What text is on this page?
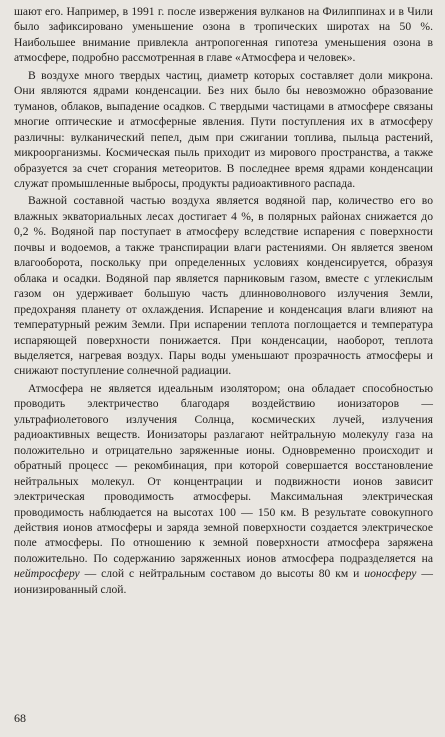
шают его. Например, в 1991 г. после извержения вулканов на Филиппинах и в Чили было зафиксировано уменьшение озона в тропических широтах на 50 %. Наибольшее внимание привлекла антропогенная гипотеза уменьшения озона в атмосфере, подробно рассмотренная в главе «Атмосфера и человек».

В воздухе много твердых частиц, диаметр которых составляет доли микрона. Они являются ядрами конденсации. Без них было бы невозможно образование туманов, облаков, выпадение осадков. С твердыми частицами в атмосфере связаны многие оптические и атмосферные явления. Пути поступления их в атмосферу различны: вулканический пепел, дым при сжигании топлива, пыльца растений, микроорганизмы. Космическая пыль приходит из мирового пространства, а также образуется за счет сгорания метеоритов. В последнее время ядрами конденсации служат промышленные выбросы, продукты радиоактивного распада.

Важной составной частью воздуха является водяной пар, количество его во влажных экваториальных лесах достигает 4 %, в полярных районах снижается до 0,2 %. Водяной пар поступает в атмосферу вследствие испарения с поверхности почвы и водоемов, а также транспирации влаги растениями. Он является звеном влагооборота, поскольку при определенных условиях конденсируется, образуя облака и осадки. Водяной пар является парниковым газом, вместе с углекислым газом он удерживает большую часть длинноволнового излучения Земли, предохраняя планету от охлаждения. Испарение и конденсация влаги влияют на температурный режим Земли. При испарении теплота поглощается и температура испаряющей поверхности понижается. При конденсации, наоборот, теплота выделяется, нагревая воздух. Пары воды уменьшают прозрачность атмосферы и снижают поступление солнечной радиации.

Атмосфера не является идеальным изолятором; она обладает способностью проводить электричество благодаря воздействию ионизаторов — ультрафиолетового излучения Солнца, космических лучей, излучения радиоактивных веществ. Ионизаторы разлагают нейтральную молекулу газа на положительно и отрицательно заряженные ионы. Одновременно происходит и обратный процесс — рекомбинация, при которой совершается восстановление нейтральных молекул. От концентрации и подвижности ионов зависит электрическая проводимость атмосферы. Максимальная электрическая проводимость наблюдается на высотах 100 — 150 км. В результате совокупного действия ионов атмосферы и заряда земной поверхности создается электрическое поле атмосферы. По отношению к земной поверхности атмосфера заряжена положительно. По содержанию заряженных ионов атмосфера подразделяется на нейтросферу — слой с нейтральным составом до высоты 80 км и ионосферу — ионизированный слой.

68
